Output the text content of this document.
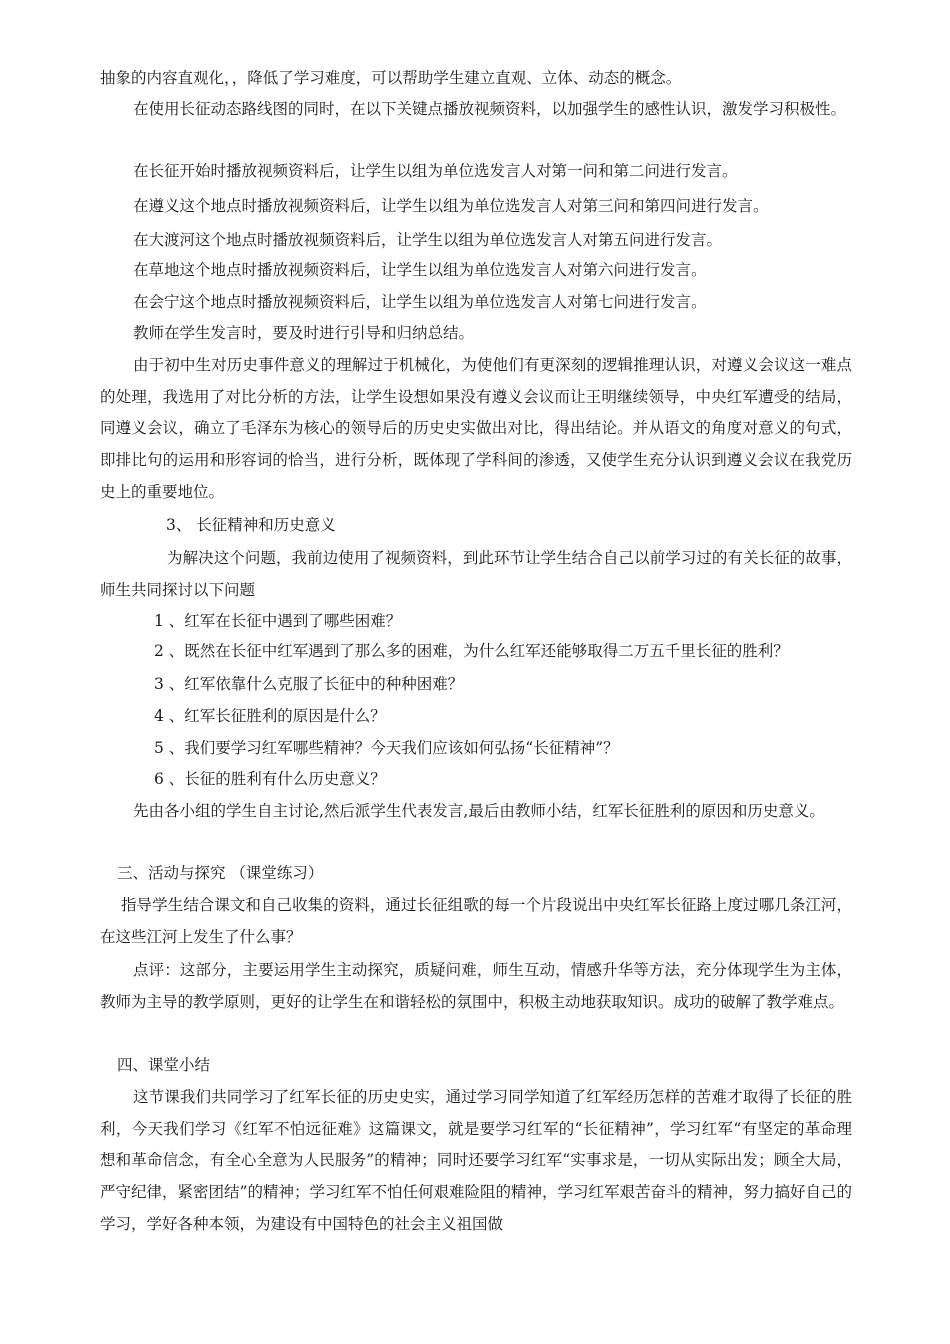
抽象的内容直观化，，降低了学习难度，可以帮助学生建立直观、立体、动态的概念。
在使用长征动态路线图的同时，在以下关键点播放视频资料，以加强学生的感性认识，激发学习积极性。
在长征开始时播放视频资料后，让学生以组为单位选发言人对第一问和第二问进行发言。
在遵义这个地点时播放视频资料后，让学生以组为单位选发言人对第三问和第四问进行发言。
在大渡河这个地点时播放视频资料后，让学生以组为单位选发言人对第五问进行发言。
在草地这个地点时播放视频资料后，让学生以组为单位选发言人对第六问进行发言。
在会宁这个地点时播放视频资料后，让学生以组为单位选发言人对第七问进行发言。
教师在学生发言时，要及时进行引导和归纳总结。
由于初中生对历史事件意义的理解过于机械化，为使他们有更深刻的逻辑推理认识，对遵义会议这一难点的处理，我选用了对比分析的方法，让学生设想如果没有遵义会议而让王明继续领导，中央红军遭受的结局，同遵义会议，确立了毛泽东为核心的领导后的历史史实做出对比，得出结论。并从语文的角度对意义的句式，即排比句的运用和形容词的恰当，进行分析，既体现了学科间的渗透，又使学生充分认识到遵义会议在我党历史上的重要地位。
3、 长征精神和历史意义
为解决这个问题，我前边使用了视频资料，到此环节让学生结合自己以前学习过的有关长征的故事，师生共同探讨以下问题
1 、红军在长征中遇到了哪些困难？
2 、既然在长征中红军遇到了那么多的困难，为什么红军还能够取得二万五千里长征的胜利？
3 、红军依靠什么克服了长征中的种种困难？
4 、红军长征胜利的原因是什么？
5 、我们要学习红军哪些精神？今天我们应该如何弘扬“长征精神”？
6 、长征的胜利有什么历史意义？
先由各小组的学生自主讨论,然后派学生代表发言,最后由教师小结，红军长征胜利的原因和历史意义。
三、活动与探究 （课堂练习）
指导学生结合课文和自己收集的资料，通过长征组歌的每一个片段说出中央红军长征路上度过哪几条江河，在这些江河上发生了什么事？
点评：这部分，主要运用学生主动探究，质疑问难，师生互动，情感升华等方法，充分体现学生为主体，教师为主导的教学原则，更好的让学生在和谐轻松的氛围中，积极主动地获取知识。成功的破解了教学难点。
四、课堂小结
这节课我们共同学习了红军长征的历史史实，通过学习同学知道了红军经历怎样的苦难才取得了长征的胜利，今天我们学习《红军不怕远征难》这篇课文，就是要学习红军的“长征精神”，学习红军“有坚定的革命理想和革命信念，有全心全意为人民服务”的精神；同时还要学习红军“实事求是，一切从实际出发；顾全大局，严守纪律，紧密团结”的精神；学习红军不怕任何艰难险阻的精神，学习红军艰苦奋斗的精神，努力搞好自己的学习，学好各种本领，为建设有中国特色的社会主义祖国做
